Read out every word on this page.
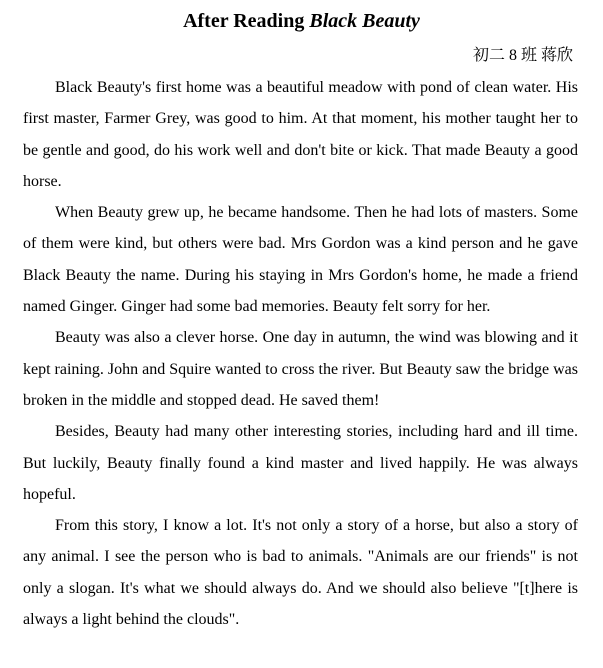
After Reading Black Beauty
初二 8 班 蒋欣

Black Beauty's first home was a beautiful meadow with pond of clean water. His first master, Farmer Grey, was good to him. At that moment, his mother taught her to be gentle and good, do his work well and don't bite or kick. That made Beauty a good horse.

When Beauty grew up, he became handsome. Then he had lots of masters. Some of them were kind, but others were bad. Mrs Gordon was a kind person and he gave Black Beauty the name. During his staying in Mrs Gordon's home, he made a friend named Ginger. Ginger had some bad memories. Beauty felt sorry for her.

Beauty was also a clever horse. One day in autumn, the wind was blowing and it kept raining. John and Squire wanted to cross the river. But Beauty saw the bridge was broken in the middle and stopped dead. He saved them!

Besides, Beauty had many other interesting stories, including hard and ill time. But luckily, Beauty finally found a kind master and lived happily. He was always hopeful.

From this story, I know a lot. It's not only a story of a horse, but also a story of any animal. I see the person who is bad to animals. "Animals are our friends" is not only a slogan. It's what we should always do. And we should also believe "[t]here is always a light behind the clouds".
